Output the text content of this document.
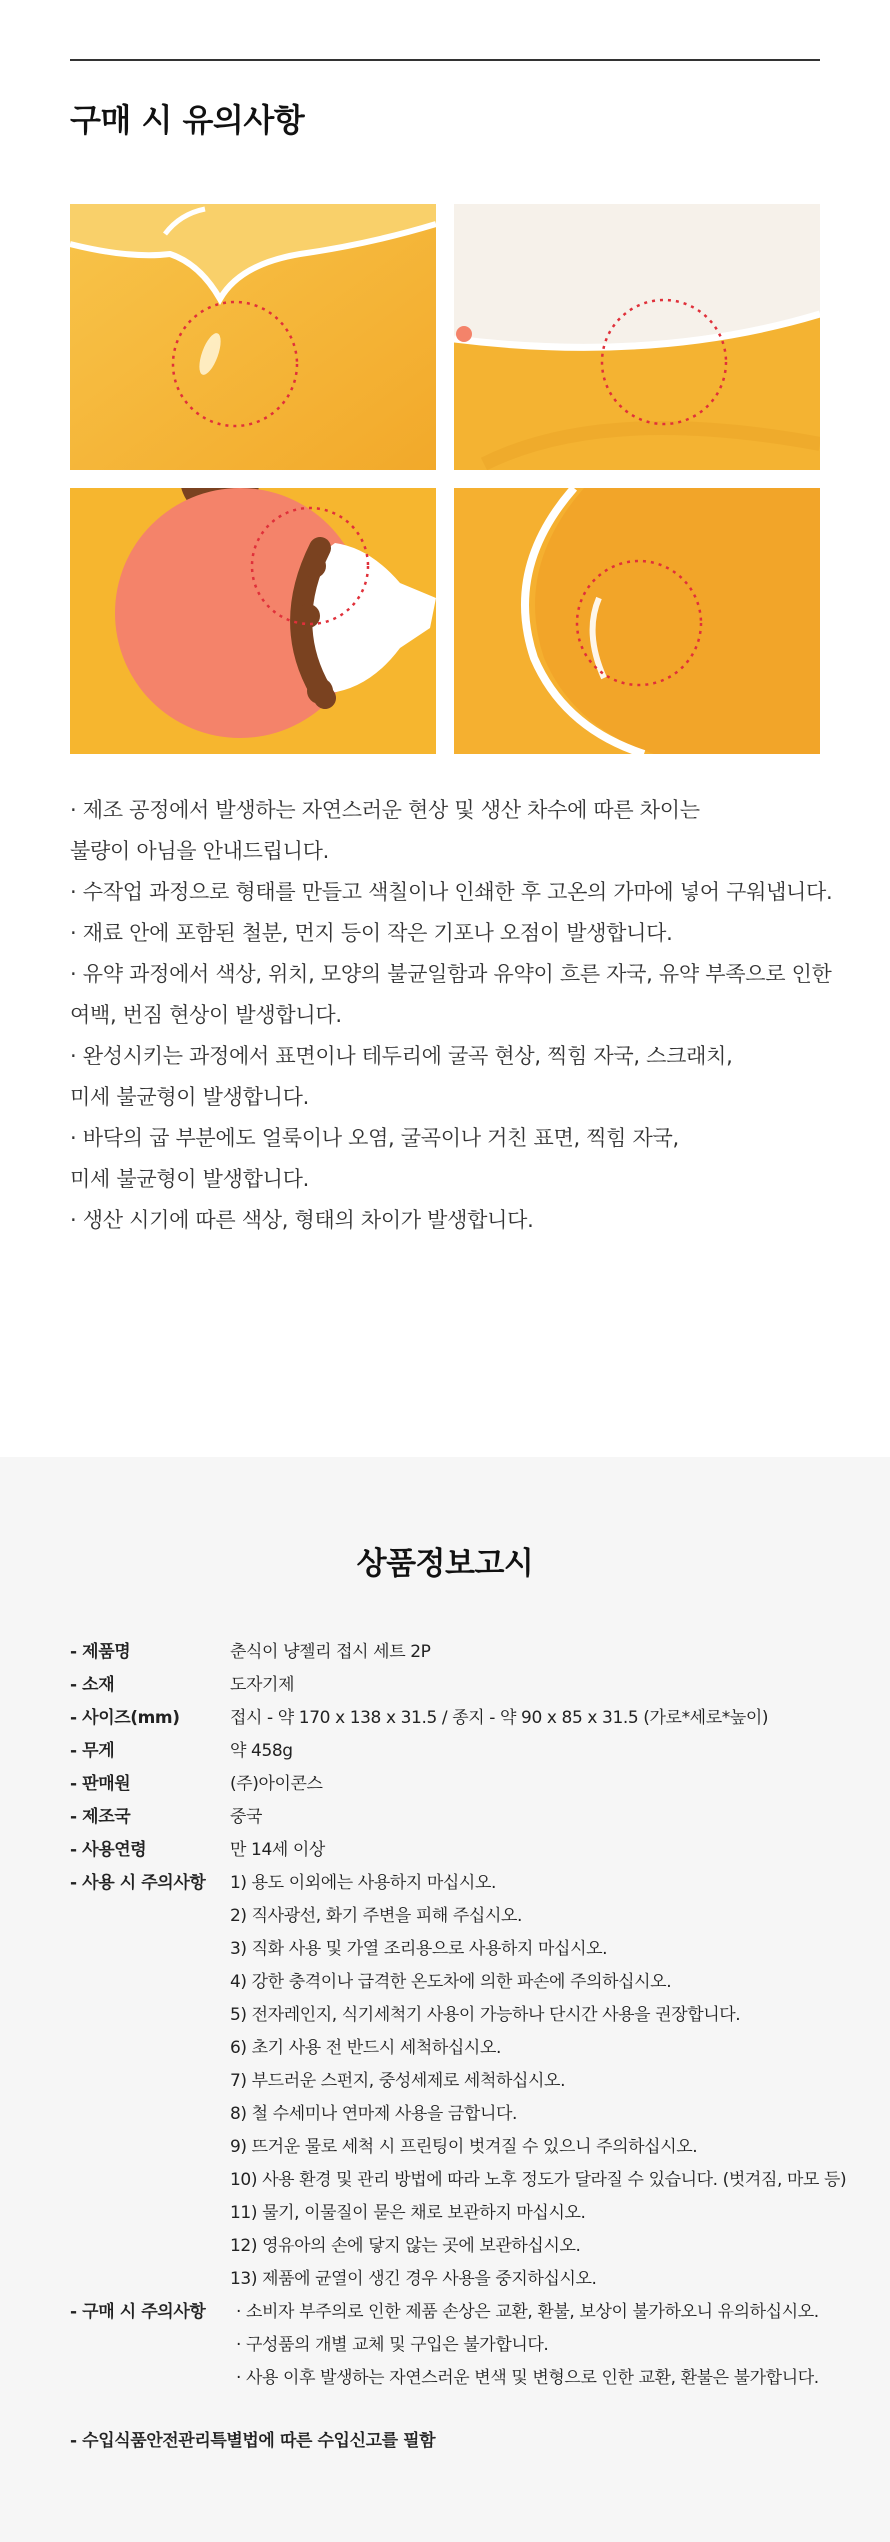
구매 시 유의사항

· 제조 공정에서 발생하는 자연스러운 현상 및 생산 차수에 따른 차이는

불량이 아님을 안내드립니다.

· 수작업 과정으로 형태를 만들고 색칠이나 인쇄한 후 고온의 가마에 넣어 구워냅니다.

· 재료 안에 포함된 철분, 먼지 등이 작은 기포나 오점이 발생합니다.

· 유약 과정에서 색상, 위치, 모양의 불균일함과 유약이 흐른 자국, 유약 부족으로 인한

여백, 번짐 현상이 발생합니다.

· 완성시키는 과정에서 표면이나 테두리에 굴곡 현상, 찍힘 자국, 스크래치,

미세 불균형이 발생합니다.

· 바닥의 굽 부분에도 얼룩이나 오염, 굴곡이나 거친 표면, 찍힘 자국,

미세 불균형이 발생합니다.

· 생산 시기에 따른 색상, 형태의 차이가 발생합니다.

상품정보고시
- 제품명	춘식이 냥젤리 접시 세트 2P
- 소재	도자기제
- 사이즈(mm)	접시 - 약 170 x 138 x 31.5 / 종지 - 약 90 x 85 x 31.5 (가로*세로*높이)
- 무게	약 458g
- 판매원	(주)아이콘스
- 제조국	중국
- 사용연령	만 14세 이상
- 사용 시 주의사항	1) 용도 이외에는 사용하지 마십시오.
2) 직사광선, 화기 주변을 피해 주십시오.
3) 직화 사용 및 가열 조리용으로 사용하지 마십시오.
4) 강한 충격이나 급격한 온도차에 의한 파손에 주의하십시오.
5) 전자레인지, 식기세척기 사용이 가능하나 단시간 사용을 권장합니다.
6) 초기 사용 전 반드시 세척하십시오.
7) 부드러운 스펀지, 중성세제로 세척하십시오.
8) 철 수세미나 연마제 사용을 금합니다.
9) 뜨거운 물로 세척 시 프린팅이 벗겨질 수 있으니 주의하십시오.
10) 사용 환경 및 관리 방법에 따라 노후 정도가 달라질 수 있습니다. (벗겨짐, 마모 등)
11) 물기, 이물질이 묻은 채로 보관하지 마십시오.
12) 영유아의 손에 닿지 않는 곳에 보관하십시오.
13) 제품에 균열이 생긴 경우 사용을 중지하십시오.
- 구매 시 주의사항	· 소비자 부주의로 인한 제품 손상은 교환, 환불, 보상이 불가하오니 유의하십시오.
· 구성품의 개별 교체 및 구입은 불가합니다.
· 사용 이후 발생하는 자연스러운 변색 및 변형으로 인한 교환, 환불은 불가합니다.

- 수입식품안전관리특별법에 따른 수입신고를 필함
